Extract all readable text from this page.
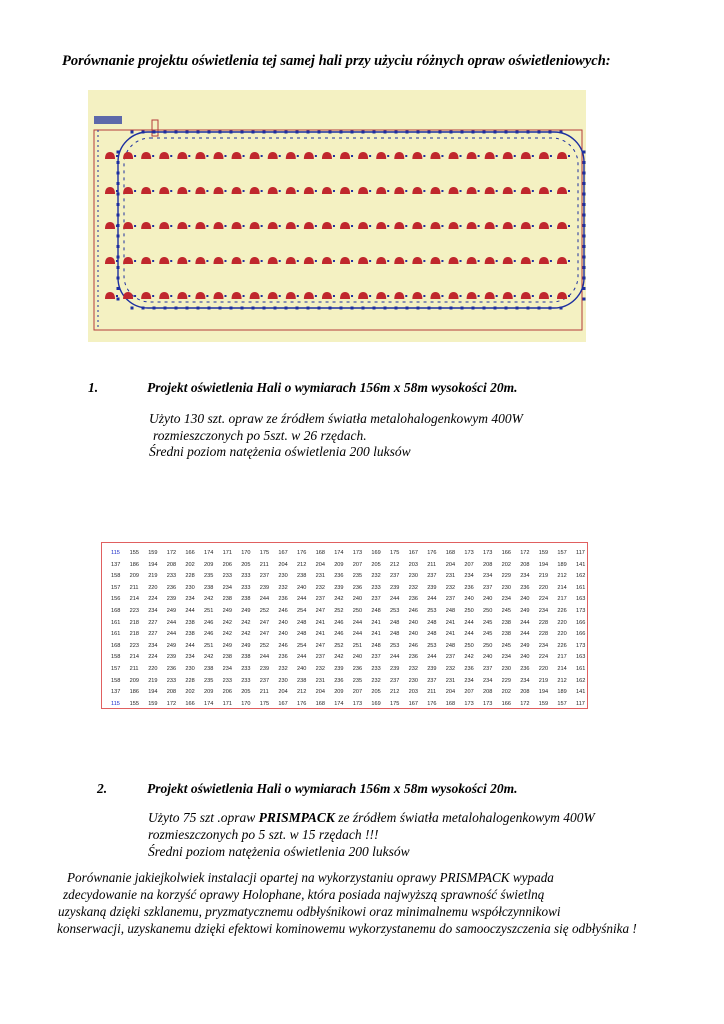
Porównanie projektu oświetlenia tej samej hali przy użyciu różnych opraw oświetleniowych:
1.	Projekt oświetlenia Hali o wymiarach 156m x 58m wysokości 20m.
Użyto 130 szt. opraw ze źródłem światła metalohalogenkowym 400W
rozmieszczonych po 5szt. w 26 rzędach.
Średni poziom natężenia oświetlenia 200 luksów
115 155 159 172 166 174 171 170 175 167 176 168 174 173 169 175 167 176 168 173 173 166 172 159 157 117
137 186 194 208 202 209 206 205 211 204 212 204 209 207 205 212 203 211 204 207 208 202 208 194 189 141
158 209 219 233 228 235 233 233 237 230 238 231 236 235 232 237 230 237 231 234 234 229 234 219 212 162
157 211 220 236 230 238 234 233 239 232 240 232 239 236 233 239 232 239 232 236 237 230 236 220 214 161
156 214 224 239 234 242 238 238 244 236 244 237 242 240 237 244 236 244 237 240 240 234 240 224 217 163
168 223 234 249 244 251 249 249 252 246 254 247 252 250 248 253 246 253 248 250 250 245 249 234 226 173
161 218 227 244 238 246 242 242 247 240 248 241 246 244 241 248 240 248 241 244 245 238 244 228 220 166
161 218 227 244 238 246 242 242 247 240 248 241 246 244 241 248 240 248 241 244 245 238 244 228 220 166
168 223 234 249 244 251 249 249 252 246 254 247 252 251 248 253 246 253 248 250 250 245 249 234 226 173
158 214 224 239 234 242 238 238 244 236 244 237 242 240 237 244 236 244 237 242 240 234 240 224 217 163
157 211 220 236 230 238 234 233 239 232 240 232 239 236 233 239 232 239 232 236 237 230 236 220 214 161
158 209 219 233 228 235 233 233 237 230 238 231 236 235 232 237 230 237 231 234 234 229 234 219 212 162
137 186 194 208 202 209 206 205 211 204 212 204 209 207 205 212 203 211 204 207 208 202 208 194 189 141
115 155 159 172 166 174 171 170 175 167 176 168 174 173 169 175 167 176 168 173 173 166 172 159 157 117
2.	Projekt oświetlenia Hali o wymiarach 156m x 58m wysokości 20m.
Użyto 75 szt .opraw PRISMPACK ze źródłem światła metalohalogenkowym 400W
rozmieszczonych po 5 szt. w 15 rzędach !!!
Średni poziom natężenia oświetlenia 200 luksów
Porównanie jakiejkolwiek instalacji opartej na wykorzystaniu oprawy PRISMPACK wypada
zdecydowanie na korzyść oprawy Holophane, która posiada najwyższą sprawność świetlną
uzyskaną dzięki szklanemu, pryzmatycznemu odbłyśnikowi oraz minimalnemu współczynnikowi
konserwacji, uzyskanemu dzięki efektowi kominowemu wykorzystanemu do samooczyszczenia się odbłyśnika !
